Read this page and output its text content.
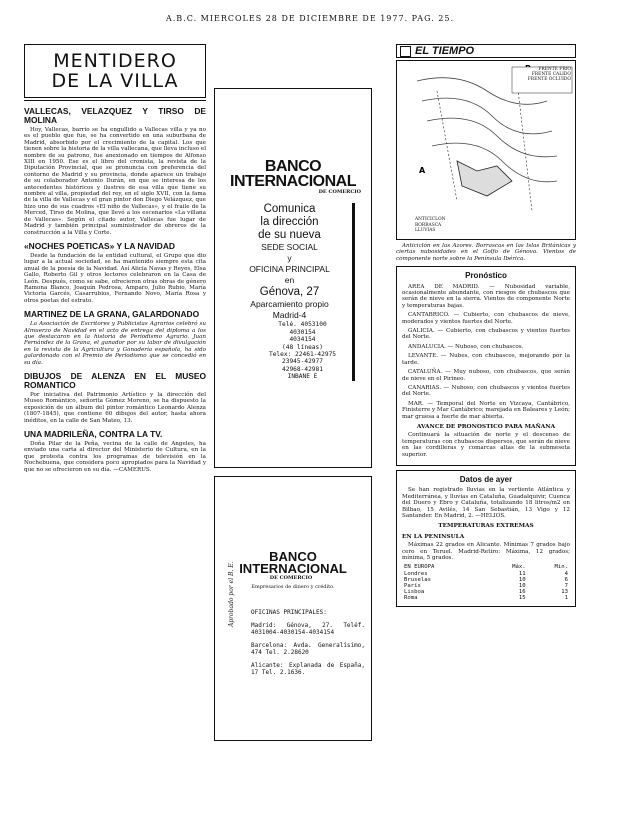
A.B.C. MIERCOLES 28 DE DICIEMBRE DE 1977. PAG. 25.
MENTIDERO
DE LA VILLA
VALLECAS, VELAZQUEZ Y TIRSO DE MOLINA

Hoy, Vallecas, barrio se ha engullido a Vallecas villa y ya no es el pueblo que fue, se ha convertido en una suburbana de Madrid, absorbido por el crecimiento de la capital. Los que tienen sobre la historia de la villa vallecana, que lleva incluso el nombre de su patrono, fue anexionado en tiempos de Alfonso XIII en 1950. Ese es el libro del cronista, la revista de la Diputación Provincial, que se pronuncia con preferencia del contorno de Madrid y su provincia, donde aparece un trabajo de su colaborador Antonio Durán, en que se interesa de los antecedentes históricos y ilustres de esa villa que tiene su nombre al villa, propiedad del rey, en el siglo XVII, con la fama de la villa de Vallecas y el gran pintor don Diego Velázquez, que hizo uno de sus cuadros «El niño de Vallecas», y el fraile de la Merced, Tirso de Molina, que llevó a los escenarios «La villana de Vallecas». Según el citado autor, Vallecas fue lugar de Madrid y también principal suministrador de obreros de la construcción a la Villa y Corte.

«NOCHES POETICAS» Y LA NAVIDAD

Desde la fundación de la entidad cultural, el Grupo que dio lugar a la actual sociedad, se ha mantenido siempre esta cita anual de la poesía de la Navidad. Así Alicia Navas y Reyes, Elsa Gallo, Roberto Gil y otros lectores celebraron en la Casa de León. Después, como se sabe, ofrecieron otras obras de género Ramona Blanco, Joaquín Pedrosa, Amparo, Julio Rubio, María Victoria Garcés, Casarrubios, Fernando Novo, María Rosa y otros poetas del estrato.

MARTINEZ DE LA GRANA, GALARDONADO

La Asociación de Escritores y Publicistas Agrarios celebró su Almuerzo de Navidad en el acto de entrega del diploma a los que destacaron en la historia de Periodismo Agrario. Juan Fernández de la Grana, el ganador por su labor de divulgación en la revista de la Agricultura y Ganadería española, ha sido galardonado con el Premio de Periodismo que se concedió en su día.

DIBUJOS DE ALENZA EN EL MUSEO ROMANTICO

Por iniciativa del Patrimonio Artístico y la dirección del Museo Romántico, señorita Gómez Moreno, se ha dispuesto la exposición de un álbum del pintor romántico Leonardo Alenza (1807-1845), que contiene 60 dibujos del autor, hasta ahora inéditos, en la calle de San Mateo, 13.

UNA MADRILEÑA, CONTRA LA TV.

Doña Pilar de la Peña, vecina de la calle de Angeles, ha enviado una carta al director del Ministerio de Cultura, en la que protesta contra los programas de televisión en la Nochebuena, que considera poco apropiados para la Navidad y que no se ofrecieron en su día. —CAMERUS.

BANCO
INTERNACIONAL
DE COMERCIO
Comunica
la dirección
de su nueva
SEDE SOCIAL
y
OFICINA PRINCIPAL
en
Génova, 27
Aparcamiento propio
Madrid-4
Telé. 4053100
4030154
4034154
(48 líneas)
Telex: 22461-42975
23945-42977
42968-42981
INBANE E
Aprobado por el B. E.
BANCO
INTERNACIONAL
DE COMERCIO
Empresarios de dinero y crédito.
OFICINAS PRINCIPALES:
Madrid: Génova, 27. Teléf. 4031004-4030154-4034154
Barcelona: Avda. Generalísimo, 474 Tel. 2.28620
Alicante: Explanada de España, 17 Tel. 2.1636.
EL TIEMPO
A
FRENTE FRIO
FRENTE CALIDO
FRENTE OCLUIDO
ANTICICLON
BORRASCA
LLUVIAS

Anticiclón en las Azores. Borrascas en las Islas Británicas y ciertas nubosidades en el Golfo de Génova. Vientos de componente norte sobre la Península Ibérica.

Pronóstico

AREA DE MADRID. — Nubosidad variable, ocasionalmente abundante, con riesgos de chubascos que serán de nieve en la sierra. Vientos de componente Norte y temperaturas bajas.

CANTABRICO. — Cubierto, con chubascos de nieve, moderados y vientos fuertes del Norte.

GALICIA. — Cubierto, con chubascos y vientos fuertes del Norte.

ANDALUCIA. — Nuboso, con chubascos.

LEVANTE. — Nubes, con chubascos, mejorando por la tarde.

CATALUÑA. — Muy nuboso, con chubascos, que serán de nieve en el Pirineo.

CANARIAS. — Nuboso, con chubascos y vientos fuertes del Norte.

MAR. — Temporal del Norte en Vizcaya, Cantábrico, Finisterre y Mar Cantábrico; marejada en Baleares y León; mar gruesa a fuerte de mar abierta.

AVANCE DE PRONOSTICO PARA MAÑANA

Continuará la situación de norte y el descenso de temperaturas con chubascos dispersos, que serán de nieve en las cordilleras y comarcas altas de la submeseta superior.

Datos de ayer

Se han registrado lluvias en la vertiente Atlántica y Mediterránea, y lluvias en Cataluña, Guadalquivir, Cuenca del Duero y Ebro y Cataluña, totalizando 18 litros/m2 en Bilbao, 15 Avilés, 14 San Sebastián, 13 Vigo y 12 Santander. En Madrid, 2. —HELIOS.

TEMPERATURAS EXTREMAS
EN LA PENINSULA

Máximas 22 grados en Alicante. Mínimas 7 grados bajo cero en Teruel. Madrid-Retiro: Máxima, 12 grados; mínima, 5 grados.

EN EUROPA	Máx.	Mín.
Londres	11	4
Bruselas	10	6
París	10	7
Lisboa	16	13
Roma	15	1
